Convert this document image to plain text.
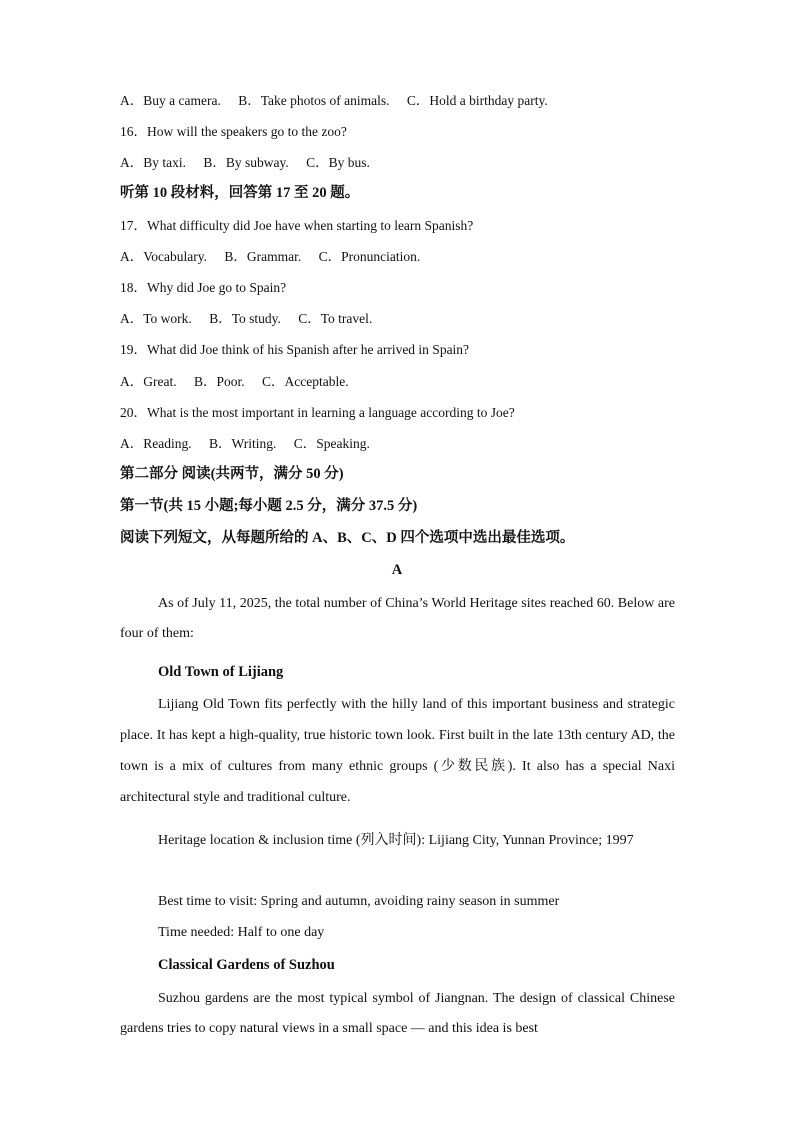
A．Buy a camera. B．Take photos of animals. C．Hold a birthday party.
16．How will the speakers go to the zoo?
A．By taxi. B．By subway. C．By bus.
听第 10 段材料，回答第 17 至 20 题。
17．What difficulty did Joe have when starting to learn Spanish?
A．Vocabulary. B．Grammar. C．Pronunciation.
18．Why did Joe go to Spain?
A．To work. B．To study. C．To travel.
19．What did Joe think of his Spanish after he arrived in Spain?
A．Great. B．Poor. C．Acceptable.
20．What is the most important in learning a language according to Joe?
A．Reading. B．Writing. C．Speaking.
第二部分 阅读(共两节，满分 50 分)
第一节(共 15 小题;每小题 2.5 分，满分 37.5 分)
阅读下列短文，从每题所给的 A、B、C、D 四个选项中选出最佳选项。
A
As of July 11, 2025, the total number of China’s World Heritage sites reached 60. Below are four of them:
Old Town of Lijiang
Lijiang Old Town fits perfectly with the hilly land of this important business and strategic place. It has kept a high-quality, true historic town look. First built in the late 13th century AD, the town is a mix of cultures from many ethnic groups (少数民族). It also has a special Naxi architectural style and traditional culture.
Heritage location & inclusion time (列入时间): Lijiang City, Yunnan Province; 1997
Best time to visit: Spring and autumn, avoiding rainy season in summer
Time needed: Half to one day
Classical Gardens of Suzhou
Suzhou gardens are the most typical symbol of Jiangnan. The design of classical Chinese gardens tries to copy natural views in a small space — and this idea is best
